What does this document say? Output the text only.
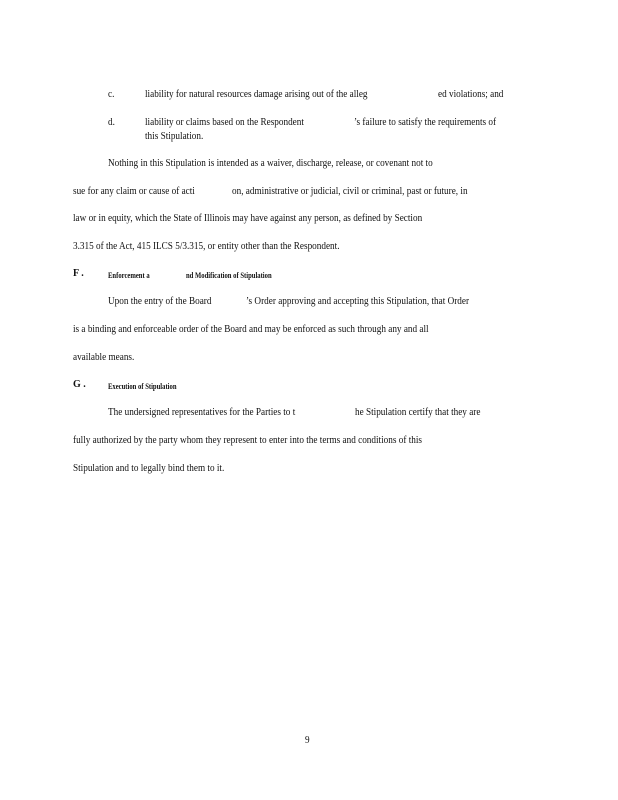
c.	liability for natural resources damage arising out of the alleg	ed violations; and
d.	liability or claims based on the Respondent	’s failure to satisfy the requirements of
this Stipulation.
Nothing in this Stipulation is intended as a waiver, discharge, release, or covenant not to
sue for any claim or cause of acti	on, administrative or judicial, civil or criminal, past or future, in
law or in equity, which the State of Illinois may have against any person, as defined by Section
3.315 of the Act, 415 ILCS 5/3.315, or entity other than the Respondent.
F .	Enforcement a	nd Modification of Stipulation
Upon the entry of the Board	’s Order approving and accepting this Stipulation, that Order
is a binding and enforceable order of the Board and may be enforced as such through any and all
available means.
G .	Execution of Stipulation
The undersigned representatives for the Parties to t	he Stipulation certify that they are
fully authorized by the party whom they represent to enter into the terms and conditions of this
Stipulation and to legally bind them to it.
9
